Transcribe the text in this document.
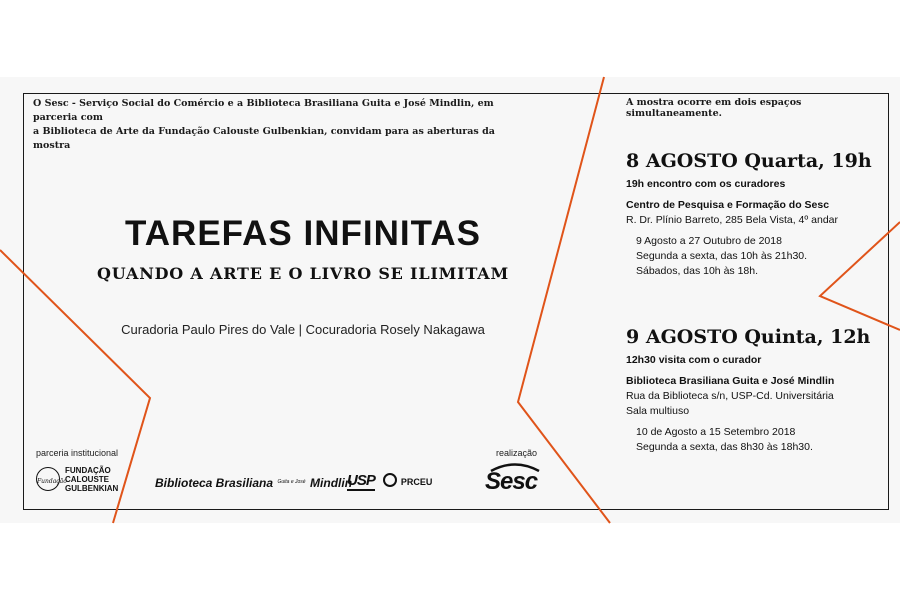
O Sesc - Serviço Social do Comércio e a Biblioteca Brasiliana Guita e José Mindlin, em parceria com
a Biblioteca de Arte da Fundação Calouste Gulbenkian, convidam para as aberturas da mostra
A mostra ocorre em dois espaços simultaneamente.
TAREFAS INFINITAS
QUANDO A ARTE E O LIVRO SE ILIMITAM
Curadoria Paulo Pires do Vale | Cocuradoria Rosely Nakagawa
8 AGOSTO Quarta, 19h
19h encontro com os curadores
Centro de Pesquisa e Formação do Sesc
R. Dr. Plínio Barreto, 285 Bela Vista, 4º andar
9 Agosto a 27 Outubro de 2018
Segunda a sexta, das 10h às 21h30.
Sábados, das 10h às 18h.
9 AGOSTO Quinta, 12h
12h30 visita com o curador
Biblioteca Brasiliana Guita e José Mindlin
Rua da Biblioteca s/n, USP-Cd. Universitária
Sala multiuso
10 de Agosto a 15 Setembro 2018
Segunda a sexta, das 8h30 às 18h30.
parceria institucional
Fundação
FUNDAÇÃO
CALOUSTE
GULBENKIAN	Biblioteca Brasiliana $^{Guita e José}$ Mindlin
USP	PRCEU
realização
Sesc
